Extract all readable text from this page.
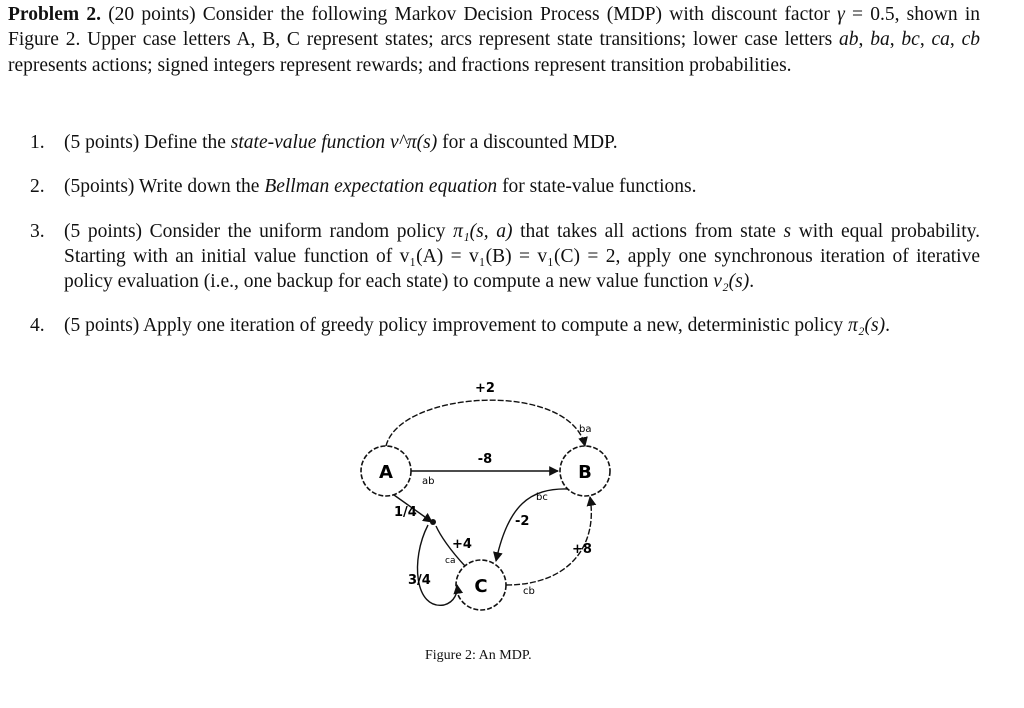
Problem 2. (20 points) Consider the following Markov Decision Process (MDP) with discount factor γ = 0.5, shown in Figure 2. Upper case letters A, B, C represent states; arcs represent state transitions; lower case letters ab, ba, bc, ca, cb represents actions; signed integers represent rewards; and fractions represent transition probabilities.
1. (5 points) Define the state-value function v^π(s) for a discounted MDP.
2. (5points) Write down the Bellman expectation equation for state-value functions.
3. (5 points) Consider the uniform random policy π₁(s, a) that takes all actions from state s with equal probability. Starting with an initial value function of v₁(A) = v₁(B) = v₁(C) = 2, apply one synchronous iteration of iterative policy evaluation (i.e., one backup for each state) to compute a new value function v₂(s).
4. (5 points) Apply one iteration of greedy policy improvement to compute a new, deterministic policy π₂(s).
A	B
C
+2
-8
-2
+4	+8
ab
ba
bc
ca
cb
1/4
3/4
Figure 2: An MDP.
